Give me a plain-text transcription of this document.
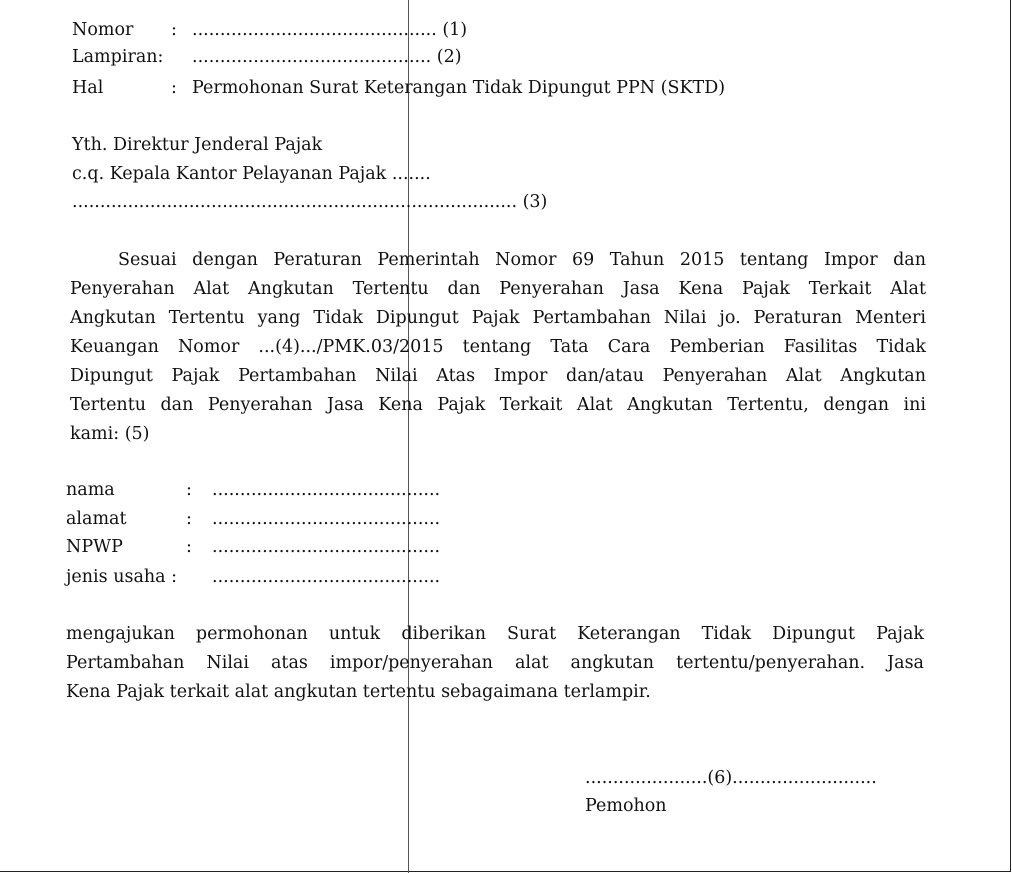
Nomor : ............................................ (1)
Lampiran: ........................................... (2)
Hal	: Permohonan Surat Keterangan Tidak Dipungut PPN (SKTD)
Yth. Direktur Jenderal Pajak
c.q. Kepala Kantor Pelayanan Pajak .......
................................................................................ (3)
Sesuai dengan Peraturan Pemerintah Nomor 69 Tahun 2015 tentang Impor dan
Penyerahan Alat Angkutan Tertentu dan Penyerahan Jasa Kena Pajak Terkait Alat
Angkutan Tertentu yang Tidak Dipungut Pajak Pertambahan Nilai jo. Peraturan Menteri
Keuangan Nomor ...(4).../PMK.03/2015 tentang Tata Cara Pemberian Fasilitas Tidak
Dipungut Pajak Pertambahan Nilai Atas Impor dan/atau Penyerahan Alat Angkutan
Tertentu dan Penyerahan Jasa Kena Pajak Terkait Alat Angkutan Tertentu, dengan ini
kami: (5)
nama	: .........................................
alamat	: .........................................
NPWP	: .........................................
jenis usaha : .........................................
mengajukan permohonan untuk diberikan Surat Keterangan Tidak Dipungut Pajak
Pertambahan Nilai atas impor/penyerahan alat angkutan tertentu/penyerahan. Jasa
Kena Pajak terkait alat angkutan tertentu sebagaimana terlampir.
......................(6)..........................
Pemohon
